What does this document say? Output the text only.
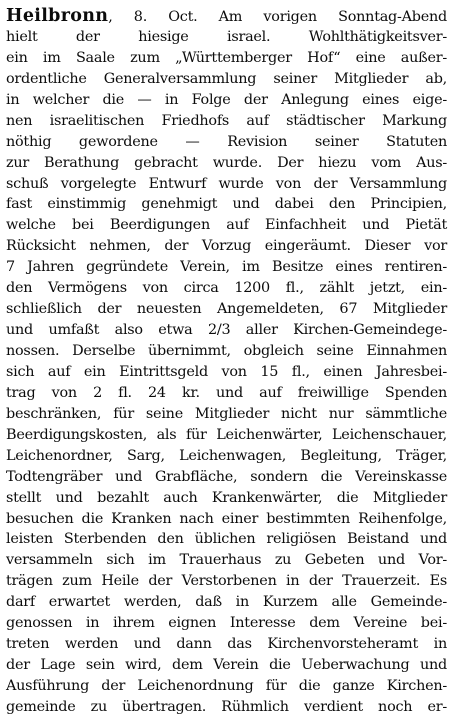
Heilbronn, 8. Oct. Am vorigen Sonntag-Abend
hielt der hiesige israel. Wohlthätigkeitsver-
ein im Saale zum „Württemberger Hof“ eine außer-
ordentliche Generalversammlung seiner Mitglieder ab,
in welcher die — in Folge der Anlegung eines eige-
nen israelitischen Friedhofs auf städtischer Markung
nöthig gewordene — Revision seiner Statuten
zur Berathung gebracht wurde. Der hiezu vom Aus-
schuß vorgelegte Entwurf wurde von der Versammlung
fast einstimmig genehmigt und dabei den Principien,
welche bei Beerdigungen auf Einfachheit und Pietät
Rücksicht nehmen, der Vorzug eingeräumt. Dieser vor
7 Jahren gegründete Verein, im Besitze eines rentiren-
den Vermögens von circa 1200 fl., zählt jetzt, ein-
schließlich der neuesten Angemeldeten, 67 Mitglieder
und umfaßt also etwa 2/3 aller Kirchen-Gemeindege-
nossen. Derselbe übernimmt, obgleich seine Einnahmen
sich auf ein Eintrittsgeld von 15 fl., einen Jahresbei-
trag von 2 fl. 24 kr. und auf freiwillige Spenden
beschränken, für seine Mitglieder nicht nur sämmtliche
Beerdigungskosten, als für Leichenwärter, Leichenschauer,
Leichenordner, Sarg, Leichenwagen, Begleitung, Träger,
Todtengräber und Grabfläche, sondern die Vereinskasse
stellt und bezahlt auch Krankenwärter, die Mitglieder
besuchen die Kranken nach einer bestimmten Reihenfolge,
leisten Sterbenden den üblichen religiösen Beistand und
versammeln sich im Trauerhaus zu Gebeten und Vor-
trägen zum Heile der Verstorbenen in der Trauerzeit. Es
darf erwartet werden, daß in Kurzem alle Gemeinde-
genossen in ihrem eignen Interesse dem Vereine bei-
treten werden und dann das Kirchenvorsteheramt in
der Lage sein wird, dem Verein die Ueberwachung und
Ausführung der Leichenordnung für die ganze Kirchen-
gemeinde zu übertragen. Rühmlich verdient noch er-
